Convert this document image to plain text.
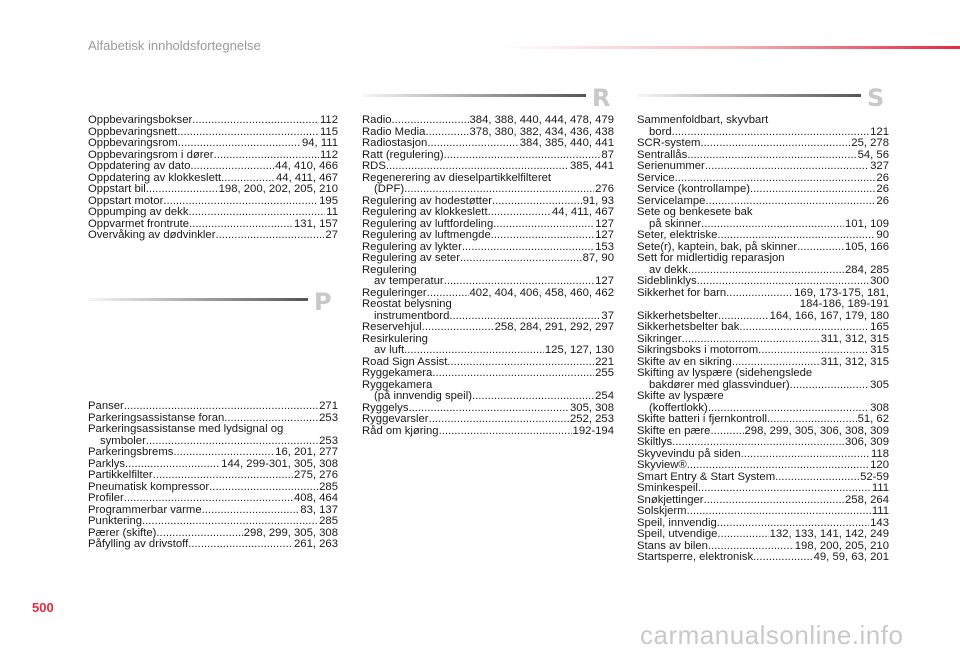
Alfabetisk innholdsfortegnelse
Oppbevaringsbokser .....	112
Oppbevaringsnett .....	115
Oppbevaringsrom .....	94, 111
Oppbevaringsrom i dører .....	112
Oppdatering av dato .....	44, 410, 466
Oppdatering av klokkeslett .....	44, 411, 467
Oppstart bil .....	198, 200, 202, 205, 210
Oppstart motor .....	195
Oppumping av dekk .....	11
Oppvarmet frontrute .....	131, 157
Overvåking av dødvinkler .....	27
P
Panser .....	271
Parkeringsassistanse foran .....	253
Parkeringsassistanse med lydsignal og
symboler .....	253
Parkeringsbrems .....	16, 201, 277
Parklys .....	144, 299-301, 305, 308
Partikkelfilter .....	275, 276
Pneumatisk kompressor .....	285
Profiler .....	408, 464
Programmerbar varme .....	83, 137
Punktering .....	285
Pærer (skifte) .....	298, 299, 305, 308
Påfylling av drivstoff .....	261, 263
R
Radio .....	384, 388, 440, 444, 478, 479
Radio Media .....	378, 380, 382, 434, 436, 438
Radiostasjon .....	384, 385, 440, 441
Ratt (regulering) .....	87
RDS .....	385, 441
Regenerering av dieselpartikkelfilteret
(DPF) .....	276
Regulering av hodestøtter .....	91, 93
Regulering av klokkeslett .....	44, 411, 467
Regulering av luftfordeling .....	127
Regulering av luftmengde .....	127
Regulering av lykter .....	153
Regulering av seter .....	87, 90
Regulering
av temperatur .....	127
Reguleringer .....	402, 404, 406, 458, 460, 462
Reostat belysning
instrumentbord .....	37
Reservehjul .....	258, 284, 291, 292, 297
Resirkulering
av luft .....	125, 127, 130
Road Sign Assist .....	221
Ryggekamera .....	255
Ryggekamera
(på innvendig speil) .....	254
Ryggelys .....	305, 308
Ryggevarsler .....	252, 253
Råd om kjøring .....	192-194
S
Sammenfoldbart, skyvbart
bord .....	121
SCR-system .....	25, 278
Sentrallås .....	54, 56
Serienummer .....	327
Service .....	26
Service (kontrollampe) .....	26
Servicelampe .....	26
Sete og benkesete bak
på skinner .....	101, 109
Seter, elektriske .....	90
Sete(r), kaptein, bak, på skinner .....	105, 166
Sett for midlertidig reparasjon
av dekk .....	284, 285
Sideblinklys .....	300
Sikkerhet for barn .....	169, 173-175, 181,
184-186, 189-191
Sikkerhetsbelter .....	164, 166, 167, 179, 180
Sikkerhetsbelter bak .....	165
Sikringer .....	311, 312, 315
Sikringsboks i motorrom .....	315
Skifte av en sikring .....	311, 312, 315
Skifting av lyspære (sidehengslede
bakdører med glassvinduer) .....	305
Skifte av lyspære
(koffertlokk) .....	308
Skifte batteri i fjernkontroll .....	51, 62
Skifte en pære .....	298, 299, 305, 306, 308, 309
Skiltlys .....	306, 309
Skyvevindu på siden .....	118
Skyview® .....	120
Smart Entry & Start System .....	52-59
Sminkespeil .....	111
Snøkjettinger .....	258, 264
Solskjerm .....	111
Speil, innvendig .....	143
Speil, utvendige .....	132, 133, 141, 142, 249
Stans av bilen .....	198, 200, 205, 210
Startsperre, elektronisk .....	49, 59, 63, 201
500
carmanualsonline.info
